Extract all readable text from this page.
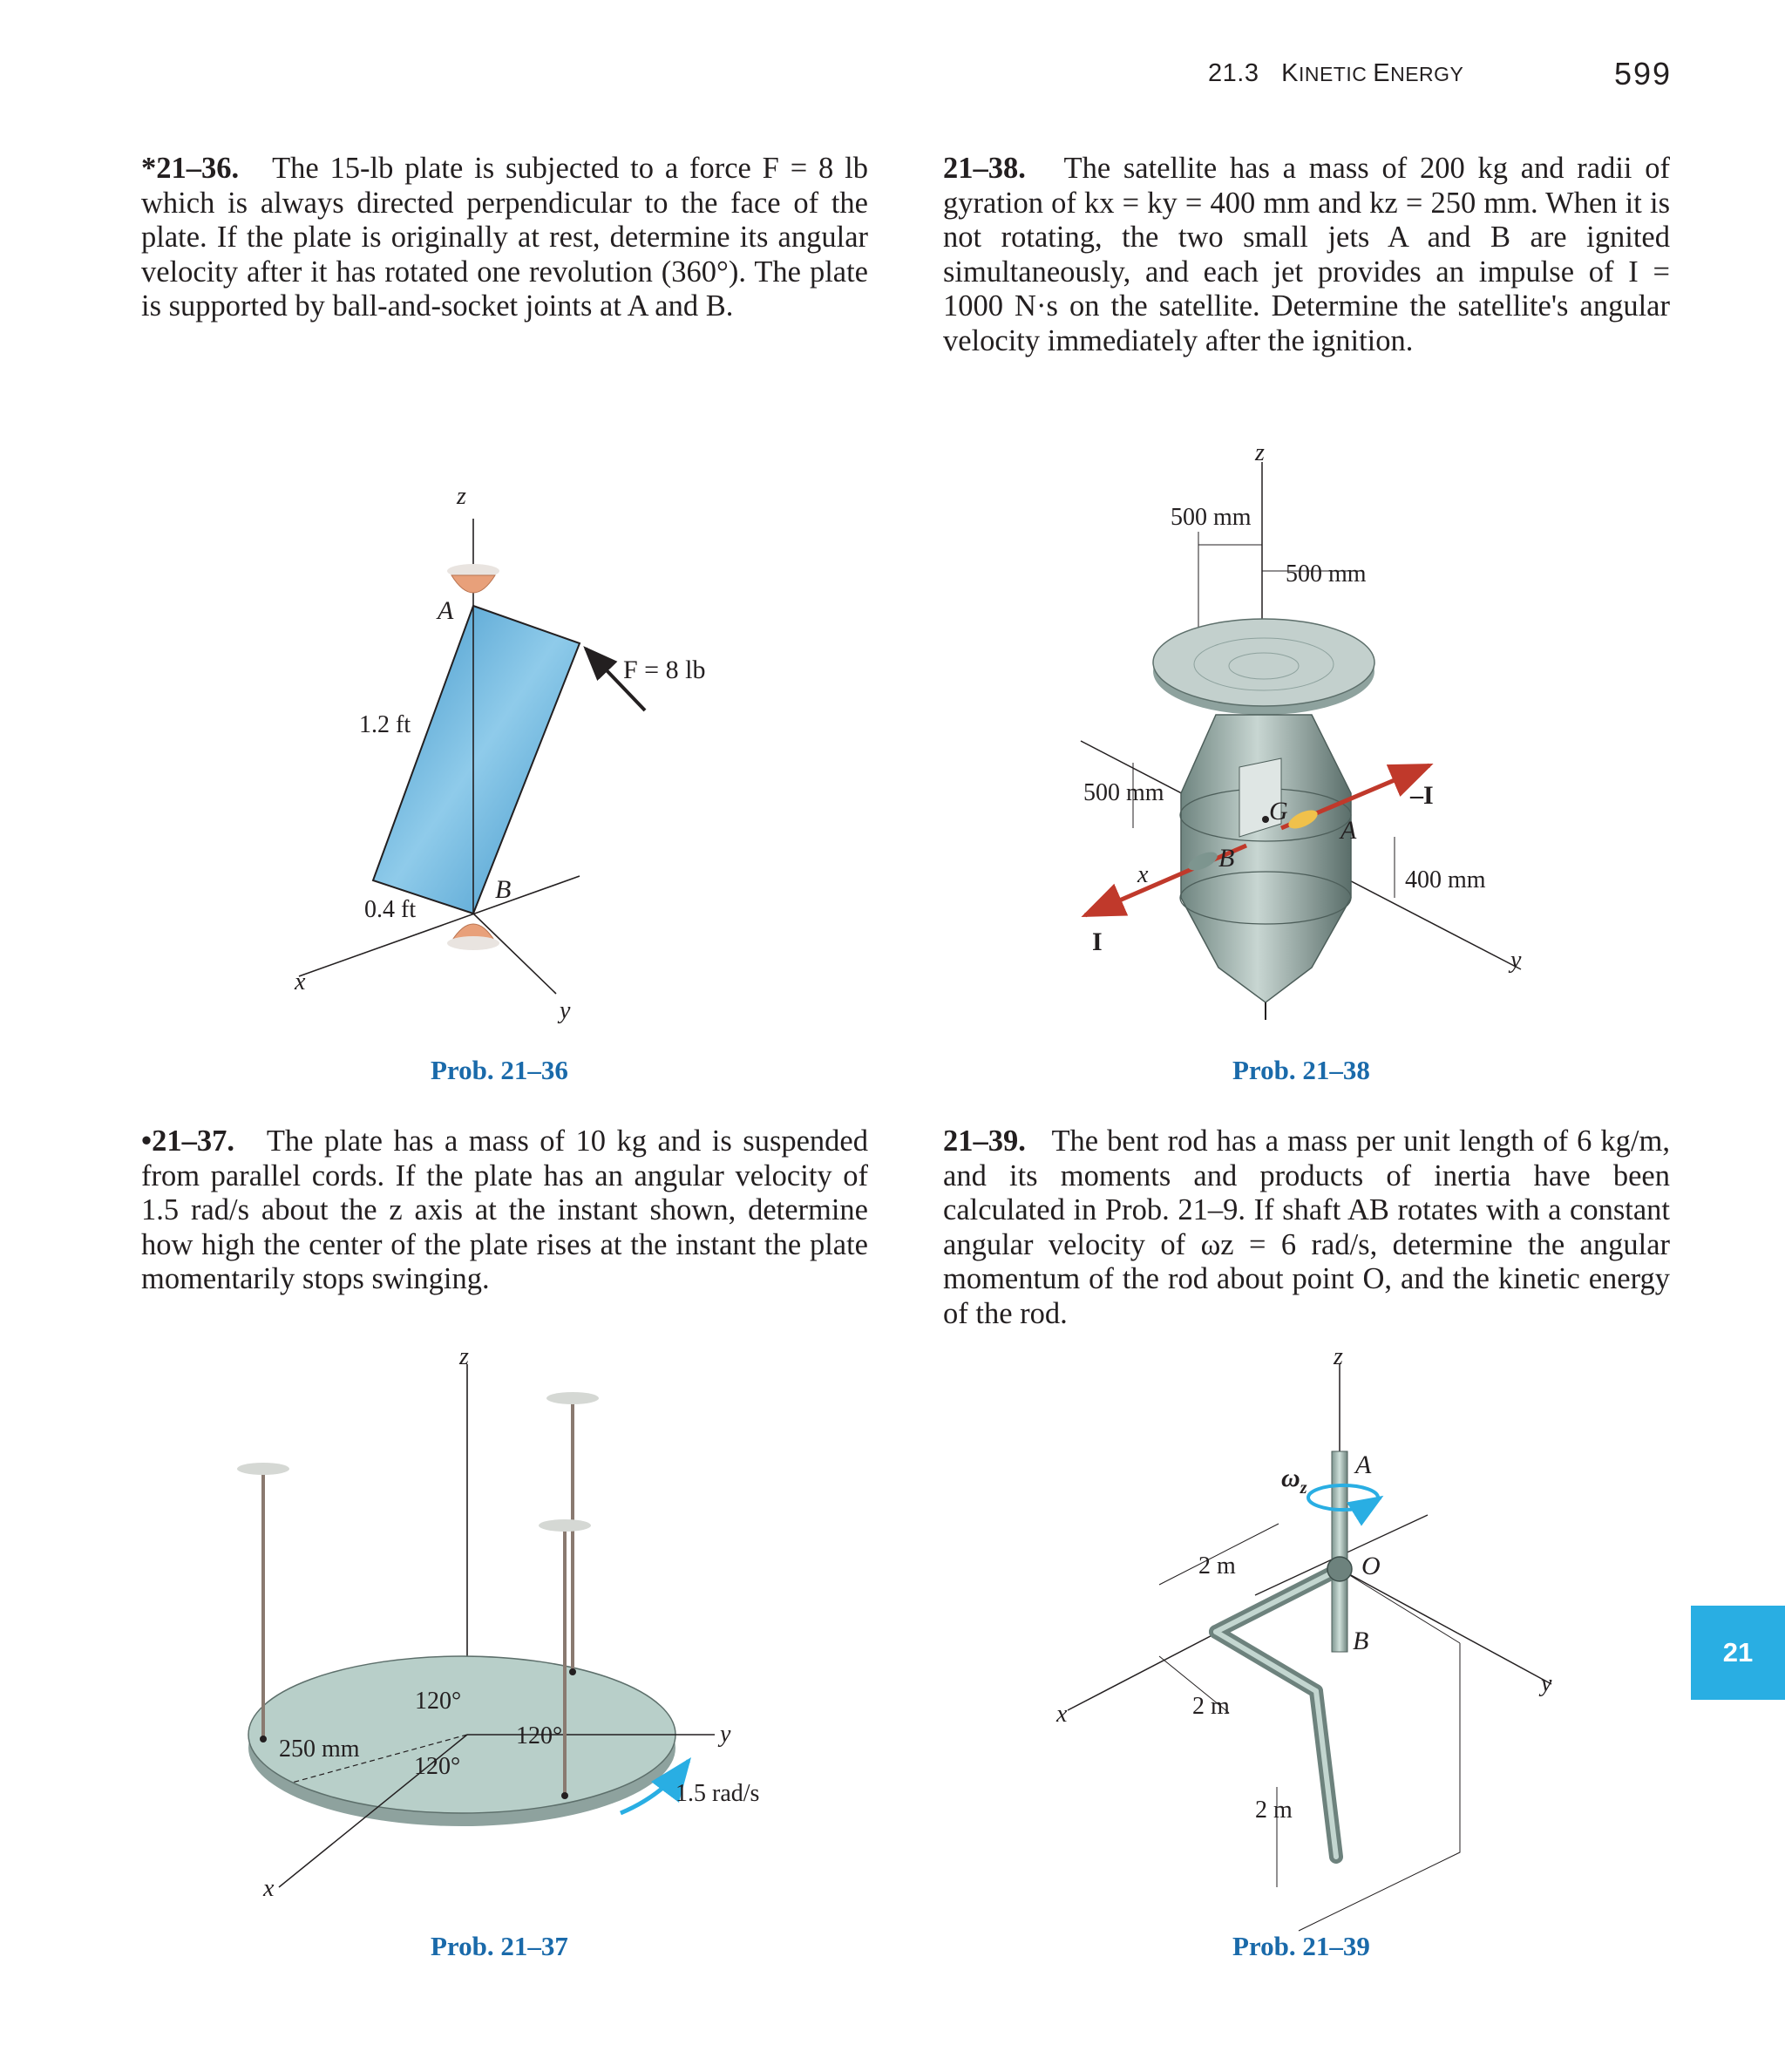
21.3 KINETIC ENERGY	599
*21–36. The 15-lb plate is subjected to a force F = 8 lb which is always directed perpendicular to the face of the plate. If the plate is originally at rest, determine its angular velocity after it has rotated one revolution (360°). The plate is supported by ball-and-socket joints at A and B.
21–38. The satellite has a mass of 200 kg and radii of gyration of kx = ky = 400 mm and kz = 250 mm. When it is not rotating, the two small jets A and B are ignited simultaneously, and each jet provides an impulse of I = 1000 N·s on the satellite. Determine the satellite's angular velocity immediately after the ignition.
•21–37. The plate has a mass of 10 kg and is suspended from parallel cords. If the plate has an angular velocity of 1.5 rad/s about the z axis at the instant shown, determine how high the center of the plate rises at the instant the plate momentarily stops swinging.
21–39. The bent rod has a mass per unit length of 6 kg/m, and its moments and products of inertia have been calculated in Prob. 21–9. If shaft AB rotates with a constant angular velocity of ωz = 6 rad/s, determine the angular momentum of the rod about point O, and the kinetic energy of the rod.
Prob. 21–36	Prob. 21–38
Prob. 21–37	Prob. 21–39
21
z
A
B
x
y
F = 8 lb
1.2 ft
0.4 ft
z
500 mm
500 mm
500 mm
400 mm
G
A
B
x
y
I
–I
z
y
x
120°
120°
120°
250 mm
1.5 rad/s
z
A
B
O
$\omega_z$
2 m
2 m
2 m
x
y
